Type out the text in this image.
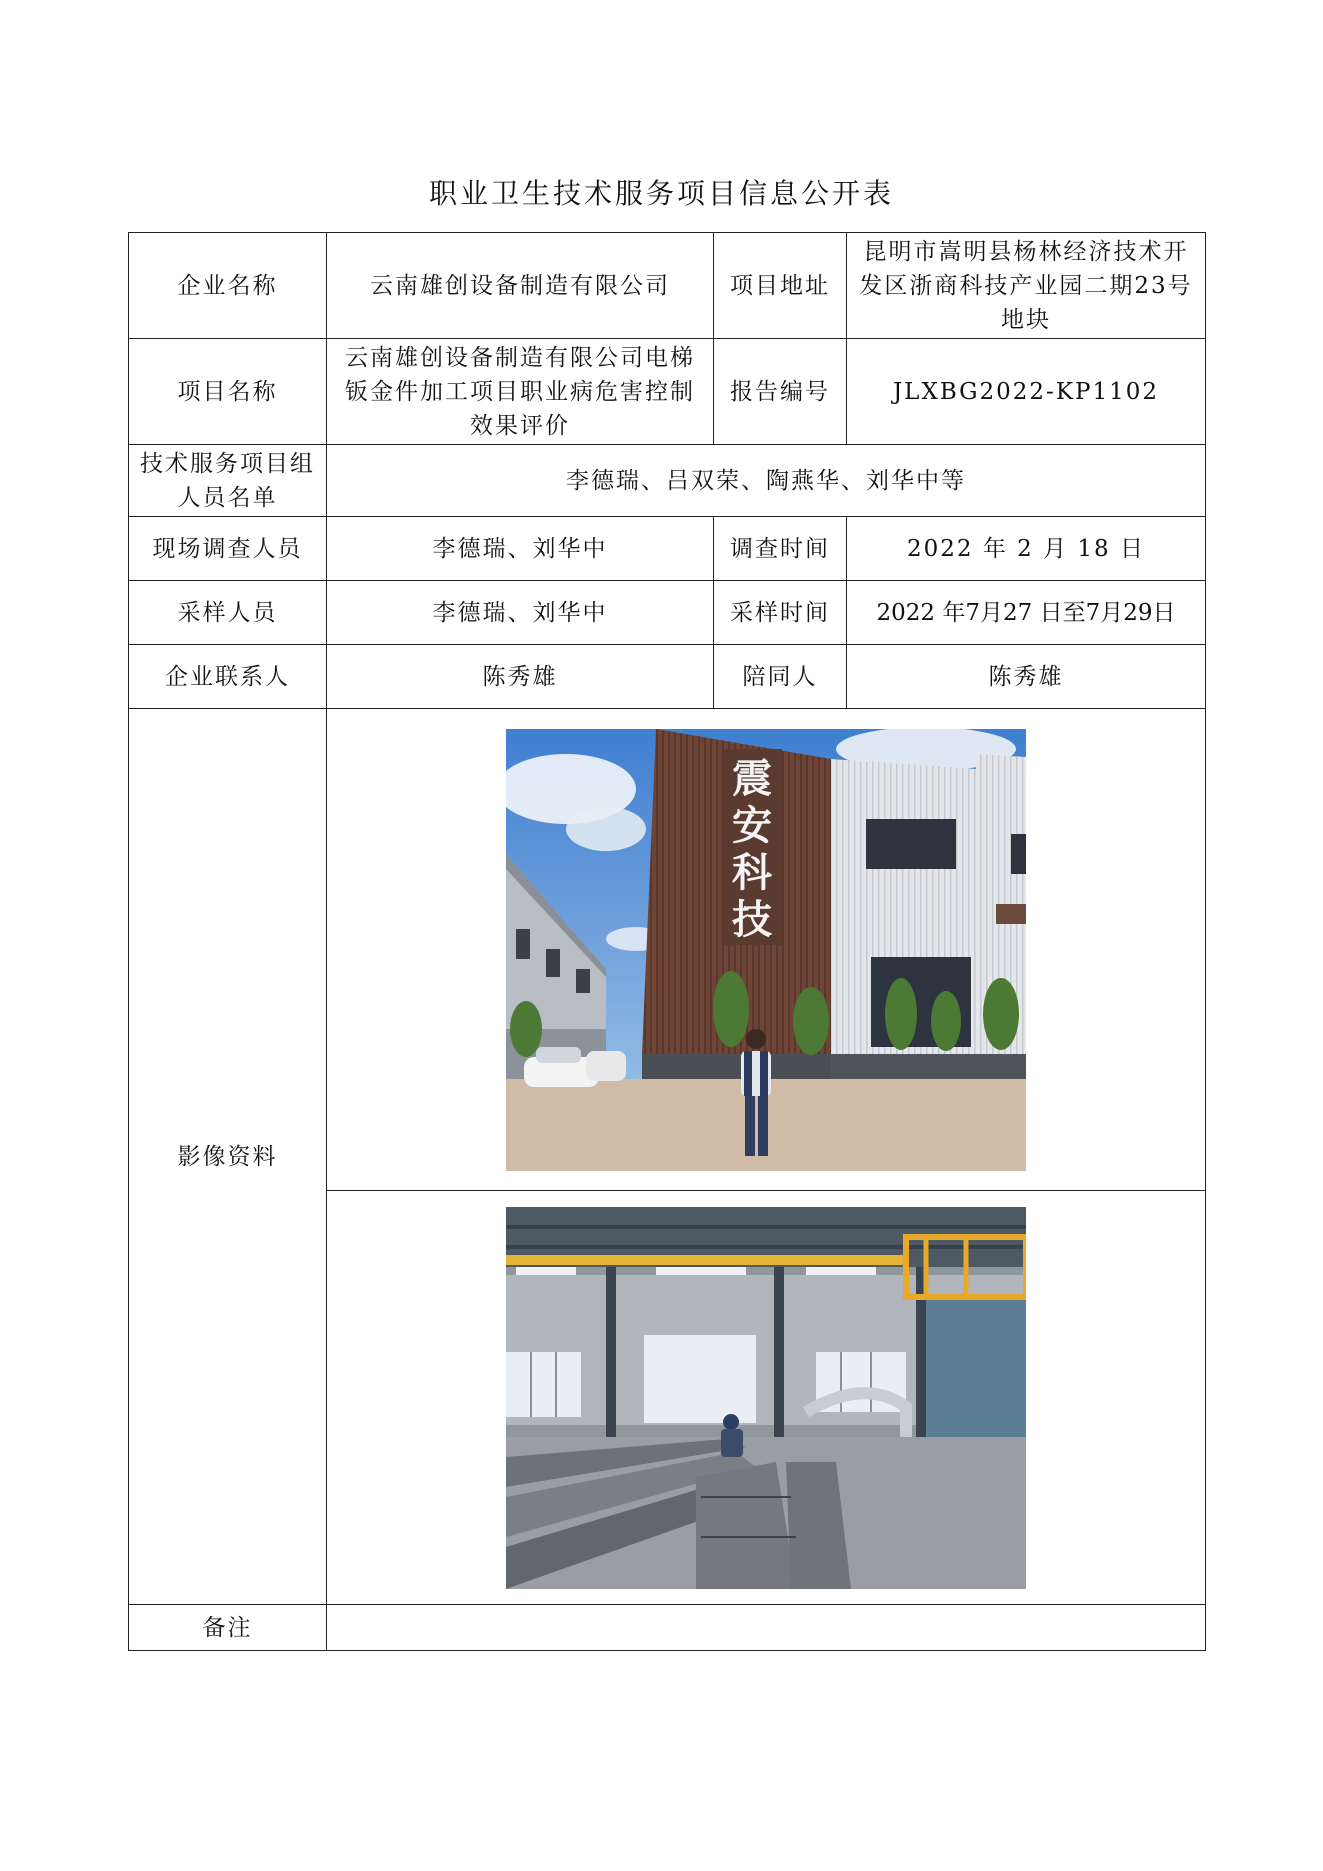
职业卫生技术服务项目信息公开表
企业名称	云南雄创设备制造有限公司	项目地址	昆明市嵩明县杨林经济技术开发区浙商科技产业园二期23号地块
项目名称	云南雄创设备制造有限公司电梯钣金件加工项目职业病危害控制效果评价	报告编号	JLXBG2022-KP1102
技术服务项目组人员名单	李德瑞、吕双荣、陶燕华、刘华中等		
现场调查人员	李德瑞、刘华中	调查时间	2022 年 2 月 18 日
采样人员	李德瑞、刘华中	采样时间	2022 年7月27 日至7月29日
企业联系人	陈秀雄	陪同人	陈秀雄
影像资料	震
安
科
技		

备注			
